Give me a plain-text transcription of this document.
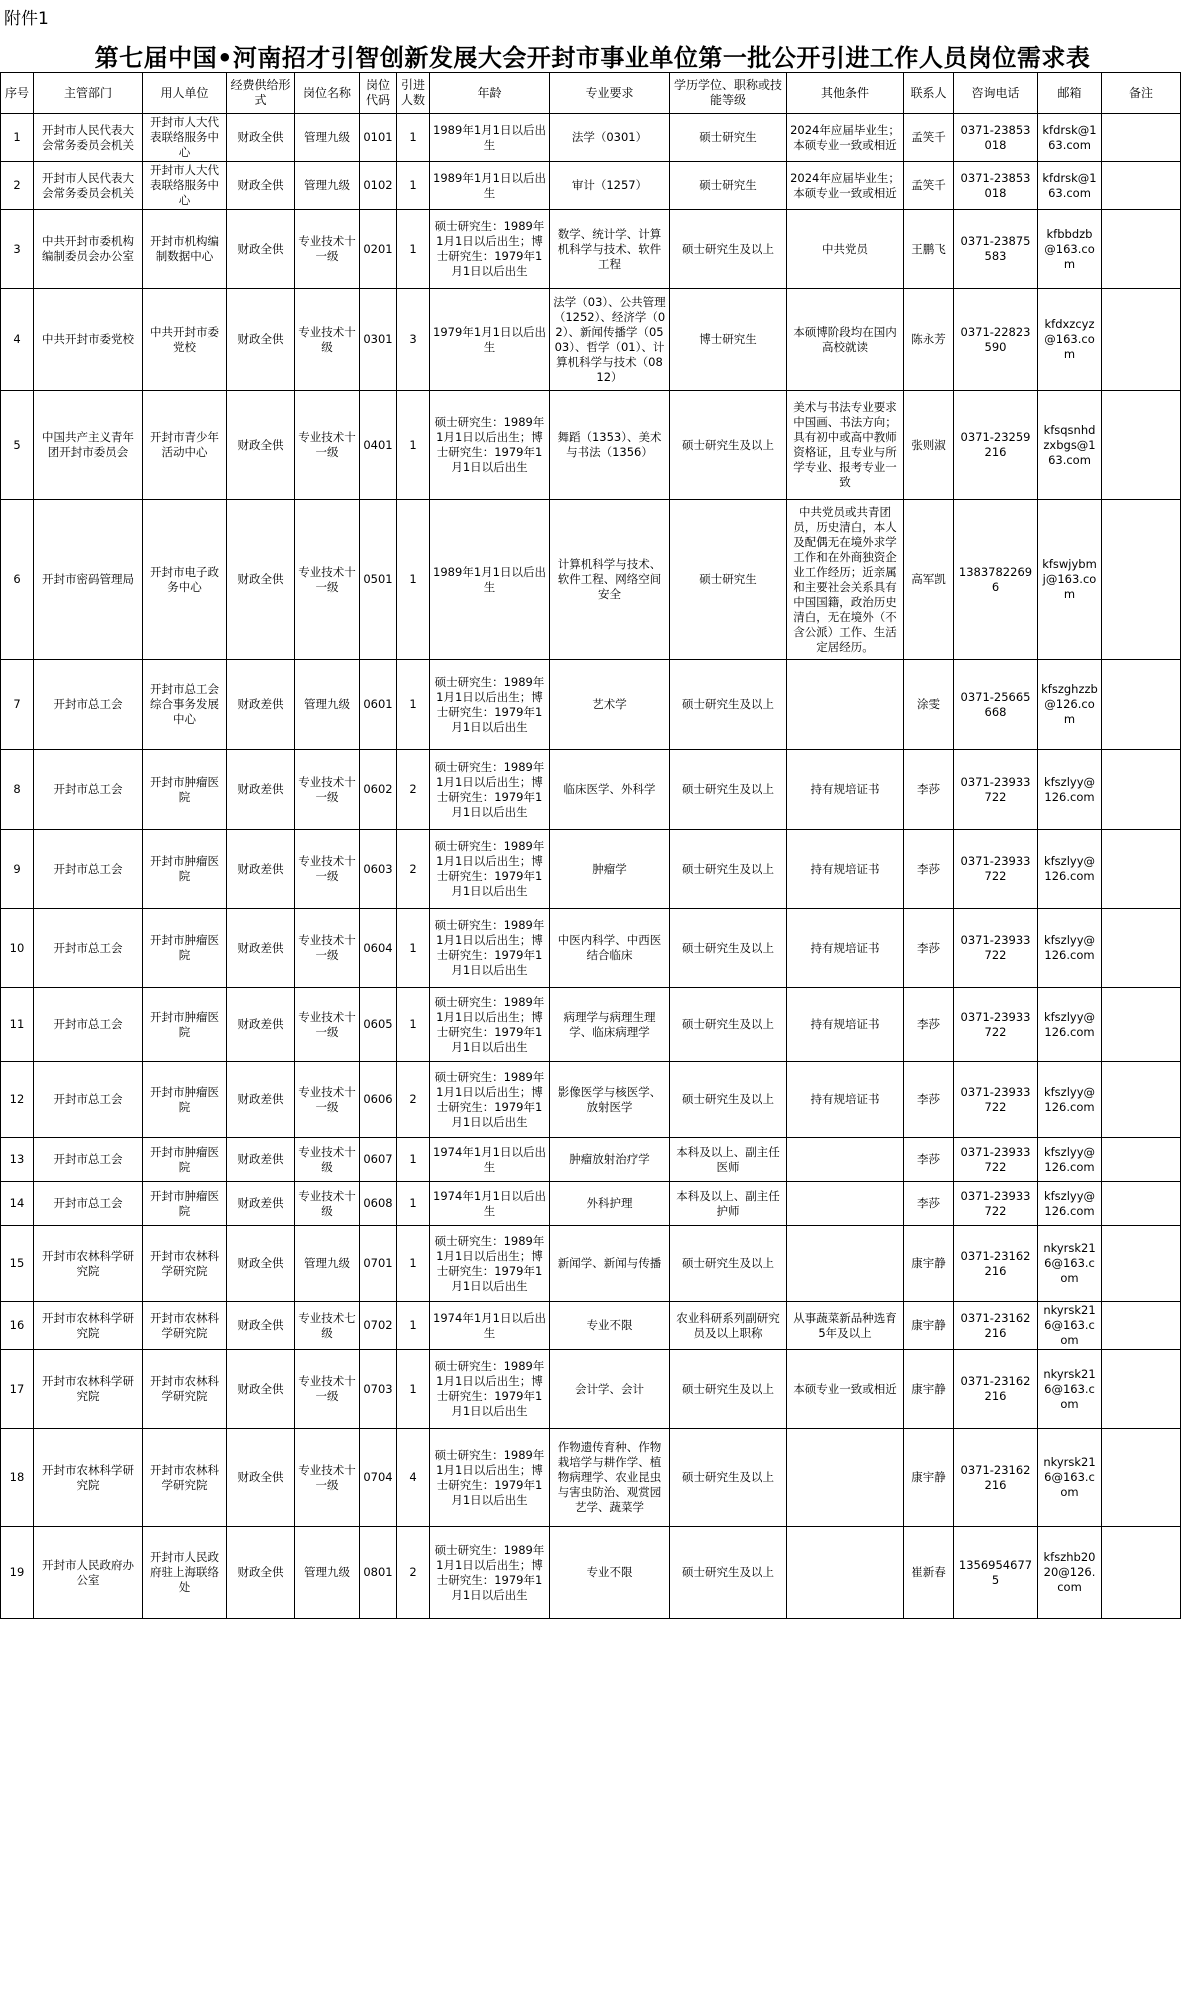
附件1
第七届中国•河南招才引智创新发展大会开封市事业单位第一批公开引进工作人员岗位需求表
序号	主管部门	用人单位	经费供给形式	岗位名称	岗位代码	引进人数	年龄	专业要求	学历学位、职称或技能等级	其他条件	联系人	咨询电话	邮箱	备注
1	开封市人民代表大会常务委员会机关	开封市人大代表联络服务中心	财政全供	管理九级	0101	1	1989年1月1日以后出生	法学（0301）	硕士研究生	2024年应届毕业生；本硕专业一致或相近	孟笑千	0371-23853018	kfdrsk@163.com	
2	开封市人民代表大会常务委员会机关	开封市人大代表联络服务中心	财政全供	管理九级	0102	1	1989年1月1日以后出生	审计（1257）	硕士研究生	2024年应届毕业生；本硕专业一致或相近	孟笑千	0371-23853018	kfdrsk@163.com	
3	中共开封市委机构编制委员会办公室	开封市机构编制数据中心	财政全供	专业技术十一级	0201	1	硕士研究生：1989年1月1日以后出生；博士研究生：1979年1月1日以后出生	数学、统计学、计算机科学与技术、软件工程	硕士研究生及以上	中共党员	王鹏飞	0371-23875583	kfbbdzb@163.com	
4	中共开封市委党校	中共开封市委党校	财政全供	专业技术十级	0301	3	1979年1月1日以后出生	法学（03）、公共管理（1252）、经济学（02）、新闻传播学（0503）、哲学（01）、计算机科学与技术（0812）	博士研究生	本硕博阶段均在国内高校就读	陈永芳	0371-22823590	kfdxzcyz@163.com	
5	中国共产主义青年团开封市委员会	开封市青少年活动中心	财政全供	专业技术十一级	0401	1	硕士研究生：1989年1月1日以后出生；博士研究生：1979年1月1日以后出生	舞蹈（1353）、美术与书法（1356）	硕士研究生及以上	美术与书法专业要求中国画、书法方向；具有初中或高中教师资格证，且专业与所学专业、报考专业一致	张则淑	0371-23259216	kfsqsnhdzxbgs@163.com	
6	开封市密码管理局	开封市电子政务中心	财政全供	专业技术十一级	0501	1	1989年1月1日以后出生	计算机科学与技术、软件工程、网络空间安全	硕士研究生	中共党员或共青团员，历史清白，本人及配偶无在境外求学工作和在外商独资企业工作经历；近亲属和主要社会关系具有中国国籍，政治历史清白，无在境外（不含公派）工作、生活定居经历。	高军凯	13837822696	kfswjybmj@163.com	
7	开封市总工会	开封市总工会综合事务发展中心	财政差供	管理九级	0601	1	硕士研究生：1989年1月1日以后出生；博士研究生：1979年1月1日以后出生	艺术学	硕士研究生及以上		涂雯	0371-25665668	kfszghzzb@126.com	
8	开封市总工会	开封市肿瘤医院	财政差供	专业技术十一级	0602	2	硕士研究生：1989年1月1日以后出生；博士研究生：1979年1月1日以后出生	临床医学、外科学	硕士研究生及以上	持有规培证书	李莎	0371-23933722	kfszlyy@126.com	
9	开封市总工会	开封市肿瘤医院	财政差供	专业技术十一级	0603	2	硕士研究生：1989年1月1日以后出生；博士研究生：1979年1月1日以后出生	肿瘤学	硕士研究生及以上	持有规培证书	李莎	0371-23933722	kfszlyy@126.com	
10	开封市总工会	开封市肿瘤医院	财政差供	专业技术十一级	0604	1	硕士研究生：1989年1月1日以后出生；博士研究生：1979年1月1日以后出生	中医内科学、中西医结合临床	硕士研究生及以上	持有规培证书	李莎	0371-23933722	kfszlyy@126.com	
11	开封市总工会	开封市肿瘤医院	财政差供	专业技术十一级	0605	1	硕士研究生：1989年1月1日以后出生；博士研究生：1979年1月1日以后出生	病理学与病理生理学、临床病理学	硕士研究生及以上	持有规培证书	李莎	0371-23933722	kfszlyy@126.com	
12	开封市总工会	开封市肿瘤医院	财政差供	专业技术十一级	0606	2	硕士研究生：1989年1月1日以后出生；博士研究生：1979年1月1日以后出生	影像医学与核医学、放射医学	硕士研究生及以上	持有规培证书	李莎	0371-23933722	kfszlyy@126.com	
13	开封市总工会	开封市肿瘤医院	财政差供	专业技术十级	0607	1	1974年1月1日以后出生	肿瘤放射治疗学	本科及以上、副主任医师		李莎	0371-23933722	kfszlyy@126.com	
14	开封市总工会	开封市肿瘤医院	财政差供	专业技术十级	0608	1	1974年1月1日以后出生	外科护理	本科及以上、副主任护师		李莎	0371-23933722	kfszlyy@126.com	
15	开封市农林科学研究院	开封市农林科学研究院	财政全供	管理九级	0701	1	硕士研究生：1989年1月1日以后出生；博士研究生：1979年1月1日以后出生	新闻学、新闻与传播	硕士研究生及以上		康宇静	0371-23162216	nkyrsk216@163.com	
16	开封市农林科学研究院	开封市农林科学研究院	财政全供	专业技术七级	0702	1	1974年1月1日以后出生	专业不限	农业科研系列副研究员及以上职称	从事蔬菜新品种选育5年及以上	康宇静	0371-23162216	nkyrsk216@163.com	
17	开封市农林科学研究院	开封市农林科学研究院	财政全供	专业技术十一级	0703	1	硕士研究生：1989年1月1日以后出生；博士研究生：1979年1月1日以后出生	会计学、会计	硕士研究生及以上	本硕专业一致或相近	康宇静	0371-23162216	nkyrsk216@163.com	
18	开封市农林科学研究院	开封市农林科学研究院	财政全供	专业技术十一级	0704	4	硕士研究生：1989年1月1日以后出生；博士研究生：1979年1月1日以后出生	作物遗传育种、作物栽培学与耕作学、植物病理学、农业昆虫与害虫防治、观赏园艺学、蔬菜学	硕士研究生及以上		康宇静	0371-23162216	nkyrsk216@163.com	
19	开封市人民政府办公室	开封市人民政府驻上海联络处	财政全供	管理九级	0801	2	硕士研究生：1989年1月1日以后出生；博士研究生：1979年1月1日以后出生	专业不限	硕士研究生及以上		崔新春	13569546775	kfszhb2020@126.com	
